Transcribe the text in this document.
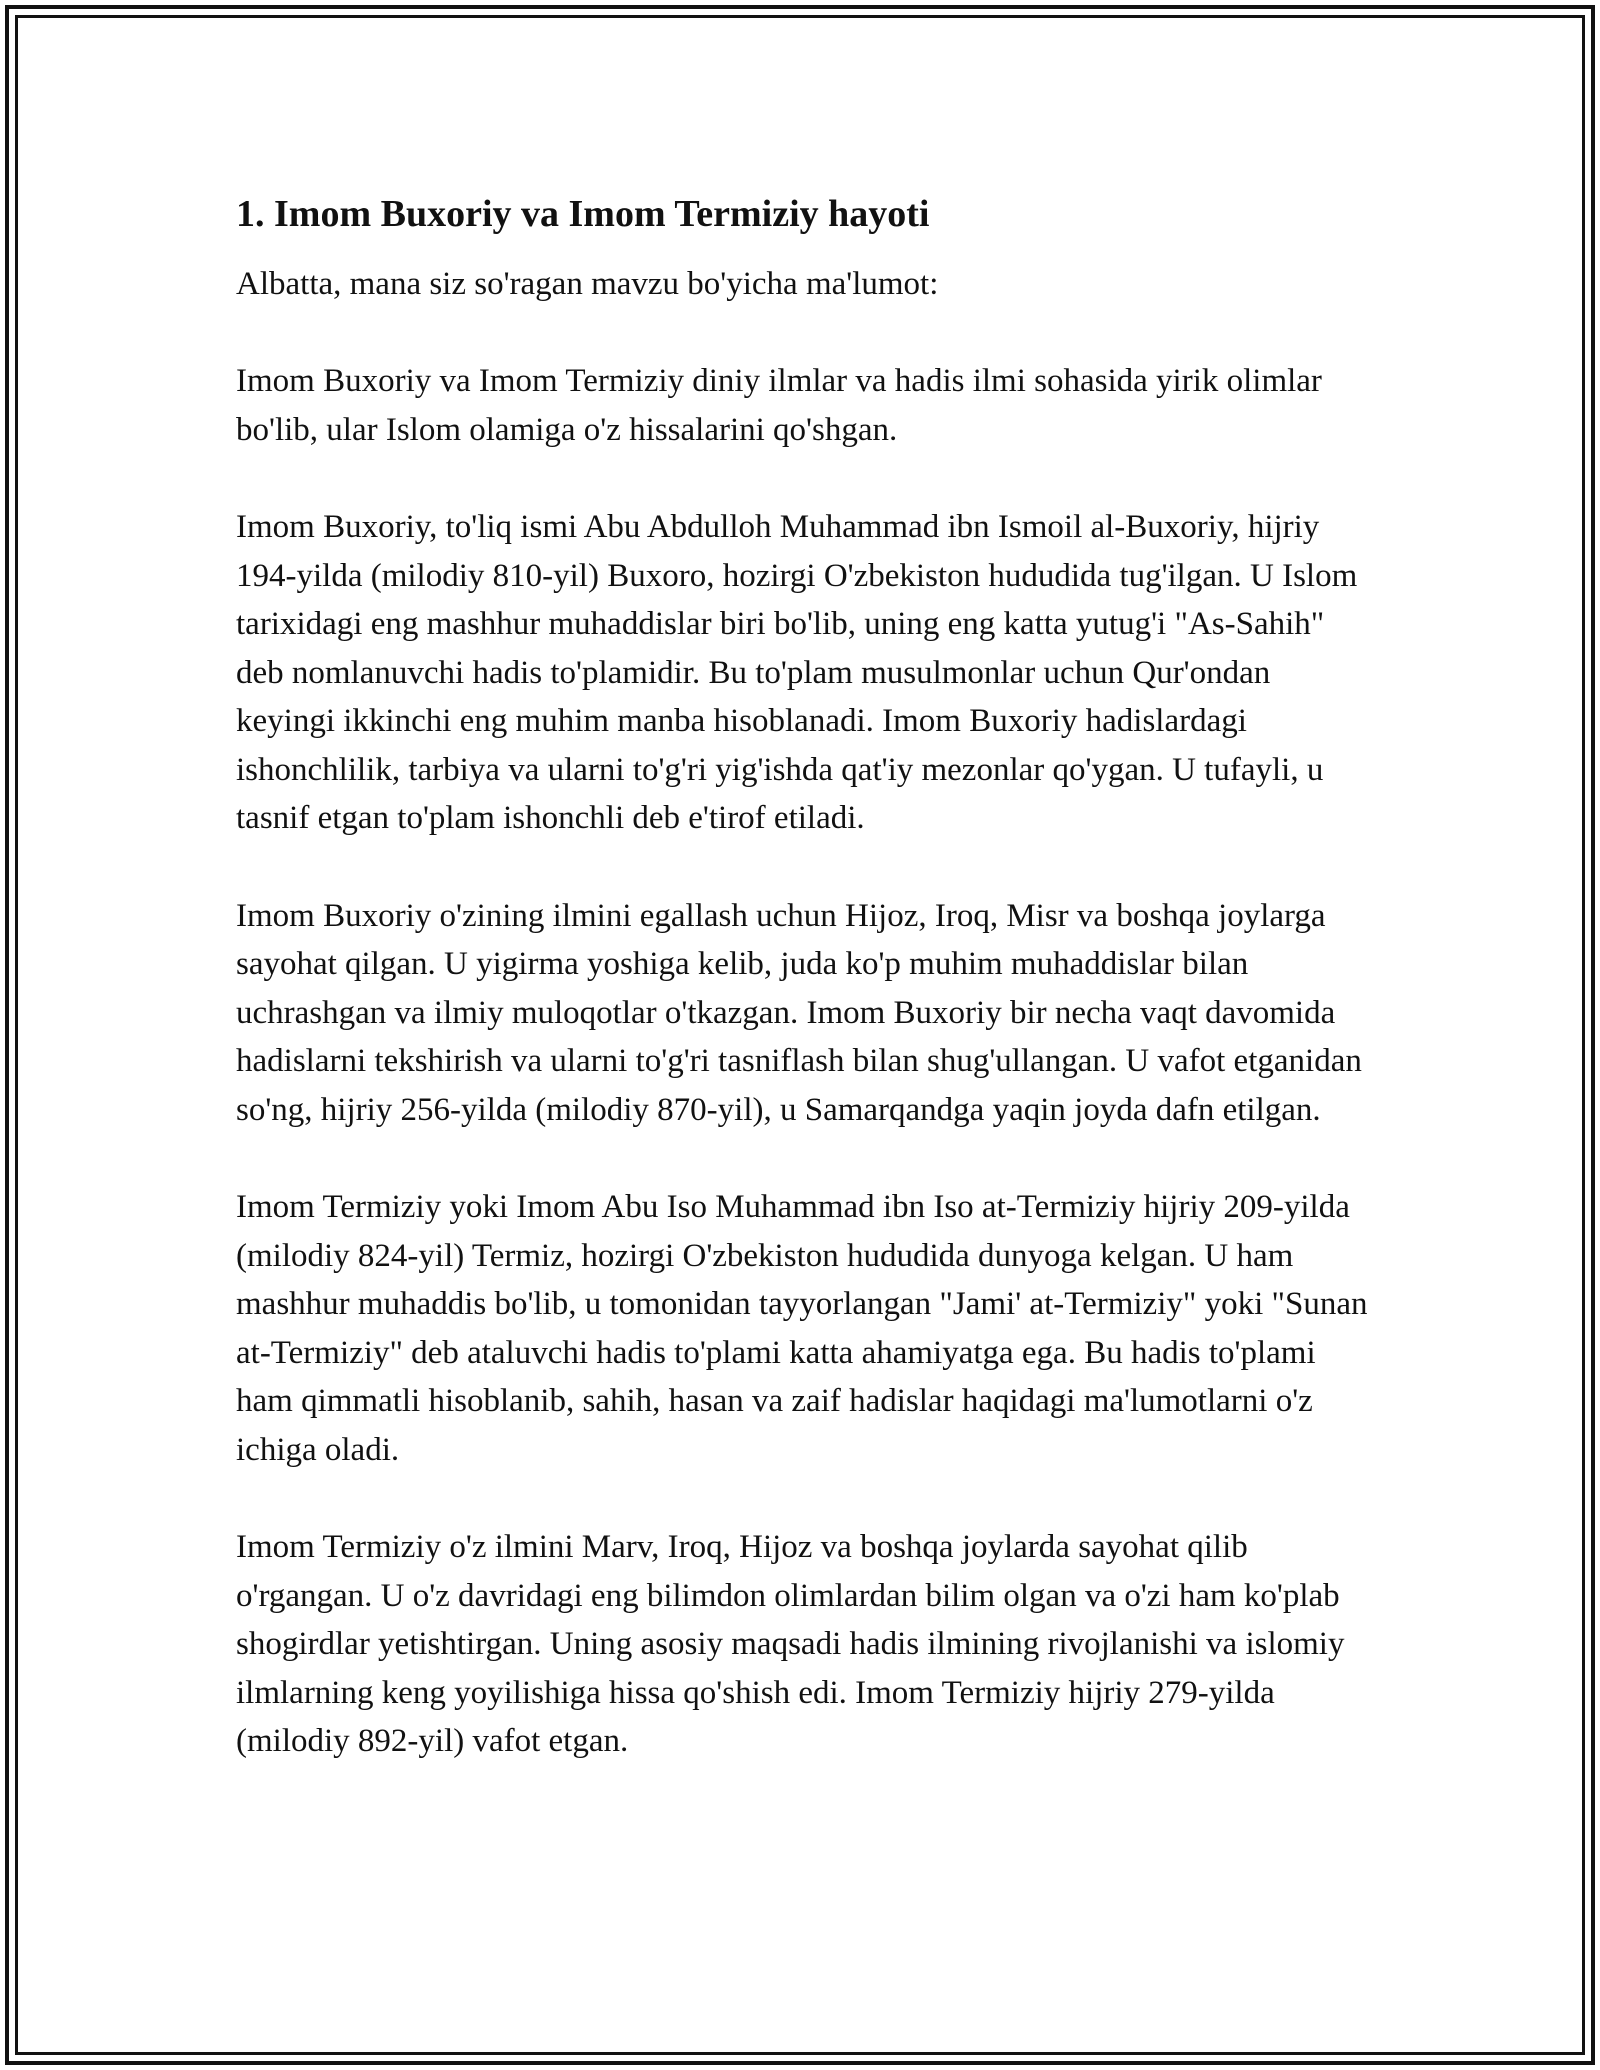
1. Imom Buxoriy va Imom Termiziy hayoti

Albatta, mana siz so'ragan mavzu bo'yicha ma'lumot:

Imom Buxoriy va Imom Termiziy diniy ilmlar va hadis ilmi sohasida yirik olimlar bo'lib, ular Islom olamiga o'z hissalarini qo'shgan.

Imom Buxoriy, to'liq ismi Abu Abdulloh Muhammad ibn Ismoil al-Buxoriy, hijriy 194-yilda (milodiy 810-yil) Buxoro, hozirgi O'zbekiston hududida tug'ilgan. U Islom tarixidagi eng mashhur muhaddislar biri bo'lib, uning eng katta yutug'i "As-Sahih" deb nomlanuvchi hadis to'plamidir. Bu to'plam musulmonlar uchun Qur'ondan keyingi ikkinchi eng muhim manba hisoblanadi. Imom Buxoriy hadislardagi ishonchlilik, tarbiya va ularni to'g'ri yig'ishda qat'iy mezonlar qo'ygan. U tufayli, u tasnif etgan to'plam ishonchli deb e'tirof etiladi.

Imom Buxoriy o'zining ilmini egallash uchun Hijoz, Iroq, Misr va boshqa joylarga sayohat qilgan. U yigirma yoshiga kelib, juda ko'p muhim muhaddislar bilan uchrashgan va ilmiy muloqotlar o'tkazgan. Imom Buxoriy bir necha vaqt davomida hadislarni tekshirish va ularni to'g'ri tasniflash bilan shug'ullangan. U vafot etganidan so'ng, hijriy 256-yilda (milodiy 870-yil), u Samarqandga yaqin joyda dafn etilgan.

Imom Termiziy yoki Imom Abu Iso Muhammad ibn Iso at-Termiziy hijriy 209-yilda (milodiy 824-yil) Termiz, hozirgi O'zbekiston hududida dunyoga kelgan. U ham mashhur muhaddis bo'lib, u tomonidan tayyorlangan "Jami' at-Termiziy" yoki "Sunan at-Termiziy" deb ataluvchi hadis to'plami katta ahamiyatga ega. Bu hadis to'plami ham qimmatli hisoblanib, sahih, hasan va zaif hadislar haqidagi ma'lumotlarni o'z ichiga oladi.

Imom Termiziy o'z ilmini Marv, Iroq, Hijoz va boshqa joylarda sayohat qilib o'rgangan. U o'z davridagi eng bilimdon olimlardan bilim olgan va o'zi ham ko'plab shogirdlar yetishtirgan. Uning asosiy maqsadi hadis ilmining rivojlanishi va islomiy ilmlarning keng yoyilishiga hissa qo'shish edi. Imom Termiziy hijriy 279-yilda (milodiy 892-yil) vafot etgan.
